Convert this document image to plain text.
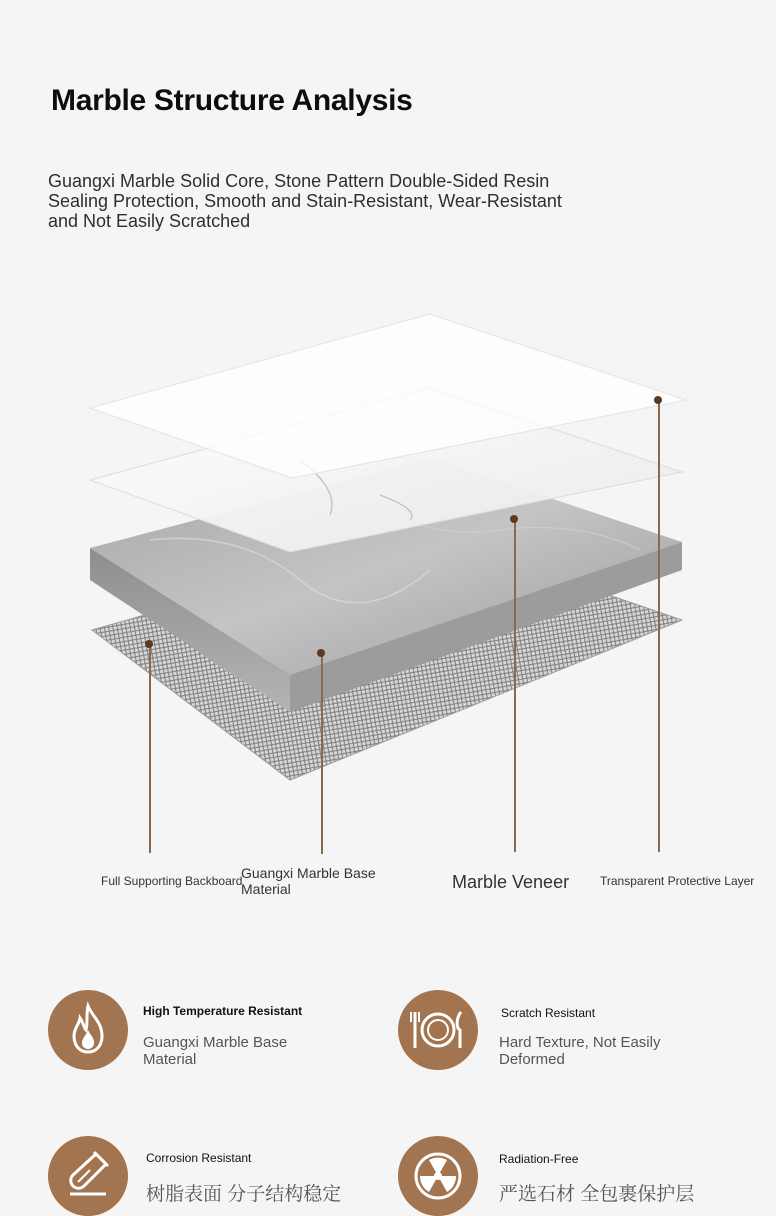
Marble Structure Analysis
Guangxi Marble Solid Core, Stone Pattern Double-Sided Resin Sealing Protection, Smooth and Stain-Resistant, Wear-Resistant and Not Easily Scratched
Full Supporting Backboard
Guangxi Marble Base Material	Marble Veneer	Transparent Protective Layer
High Temperature Resistant
Guangxi Marble Base Material
Scratch Resistant
Hard Texture, Not Easily Deformed
Corrosion Resistant
树脂表面 分子结构稳定
Radiation-Free
严选石材 全包裹保护层
